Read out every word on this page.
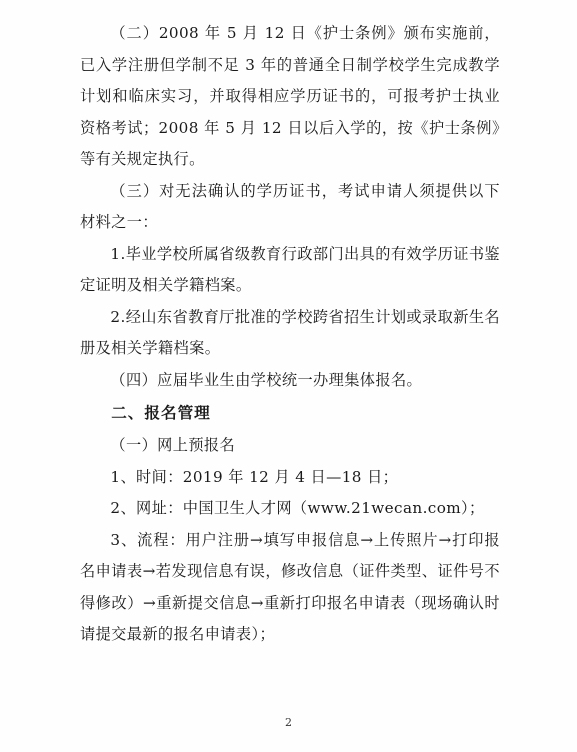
（二）2008 年 5 月 12 日《护士条例》颁布实施前，已入学注册但学制不足 3 年的普通全日制学校学生完成教学计划和临床实习，并取得相应学历证书的，可报考护士执业资格考试；2008 年 5 月 12 日以后入学的，按《护士条例》等有关规定执行。

（三）对无法确认的学历证书，考试申请人须提供以下材料之一：

1.毕业学校所属省级教育行政部门出具的有效学历证书鉴定证明及相关学籍档案。

2.经山东省教育厅批准的学校跨省招生计划或录取新生名册及相关学籍档案。

（四）应届毕业生由学校统一办理集体报名。

二、报名管理

（一）网上预报名

1、时间：2019 年 12 月 4 日—18 日；

2、网址：中国卫生人才网（www.21wecan.com）；

3、流程：用户注册→填写申报信息→上传照片→打印报名申请表→若发现信息有误，修改信息（证件类型、证件号不得修改）→重新提交信息→重新打印报名申请表（现场确认时请提交最新的报名申请表）；

2
